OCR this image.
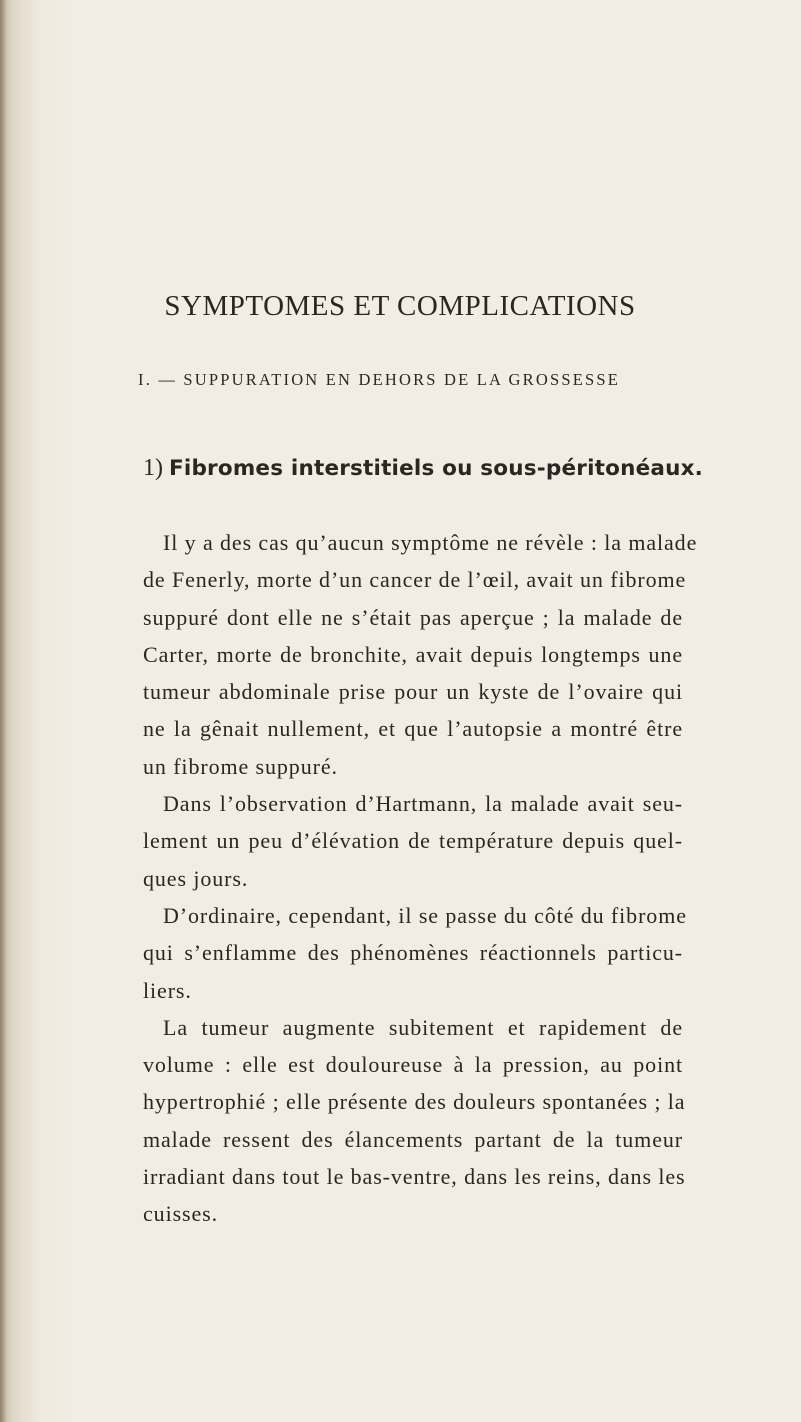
SYMPTOMES ET COMPLICATIONS
I. — SUPPURATION EN DEHORS DE LA GROSSESSE
1) Fibromes interstitiels ou sous-péritonéaux.
Il y a des cas qu’aucun symptôme ne révèle : la malade
de Fenerly, morte d’un cancer de l’œil, avait un fibrome
suppuré dont elle ne s’était pas aperçue ; la malade de
Carter, morte de bronchite, avait depuis longtemps une
tumeur abdominale prise pour un kyste de l’ovaire qui
ne la gênait nullement, et que l’autopsie a montré être
un fibrome suppuré.
Dans l’observation d’Hartmann, la malade avait seu-
lement un peu d’élévation de température depuis quel-
ques jours.
D’ordinaire, cependant, il se passe du côté du fibrome
qui s’enflamme des phénomènes réactionnels particu-
liers.
La tumeur augmente subitement et rapidement de
volume : elle est douloureuse à la pression, au point
hypertrophié ; elle présente des douleurs spontanées ; la
malade ressent des élancements partant de la tumeur
irradiant dans tout le bas-ventre, dans les reins, dans les
cuisses.
